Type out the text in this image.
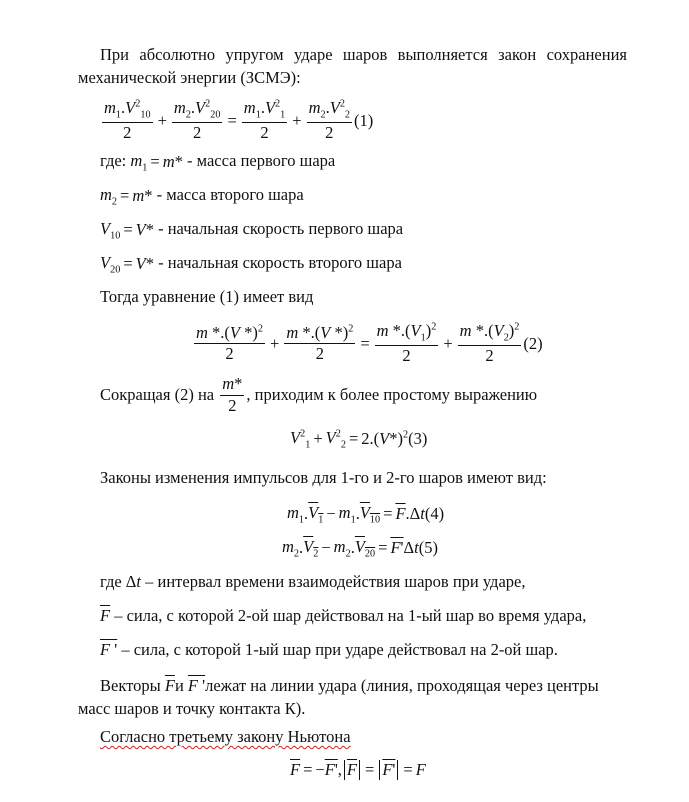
При абсолютно упругом ударе шаров выполняется закон сохранения
механической энергии (ЗСМЭ):
$\frac{m_1.V^2_{10}}{2} + \frac{m_2.V^2_{20}}{2} = \frac{m_1.V^2_1}{2} + \frac{m_2.V^2_2}{2} (1)$
где: $m_1 = m$ * - масса первого шара
$m_2 = m$ * - масса второго шара
$V_{10} = V$ * - начальная скорость первого шара
$V_{20} = V$ * - начальная скорость второго шара
Тогда уравнение (1) имеет вид
$\frac{m *.(V *)^2}{2} + \frac{m *.(V *)^2}{2} = \frac{m *.(V_1)^2}{2} + \frac{m *.(V_2)^2}{2} (2)$
Сокращая (2) на
$\frac{m*}{2}$ , приходим к более простому выражению
$V^2_1 + V^2_2 = 2$.( V *)$^2$ (3)
Законы изменения импульсов для 1-го и 2-го шаров имеют вид:
$m_1$ . $V_1 - m_1$ . $V_{10} = \overline{F}$ .Δ t (4)
$m_2$ . $V_2 - m_2$ . $V_{20} = F'$ Δ t (5)
где Δ t – интервал времени взаимодействия шаров при ударе,
$\overline{F}$ – сила, с которой 2-ой шар действовал на 1-ый шар во время удара,
F ' – сила, с которой 1-ый шар при ударе действовал на 2-ой шар.
Векторы $\overline{F}$ и F ' лежат на линии удара (линия, проходящая через центры
масс шаров и точку контакта К).
Согласно третьему закону Ньютона
$\overline{F}$ = − F' , $\overline{F} = F' = F$
